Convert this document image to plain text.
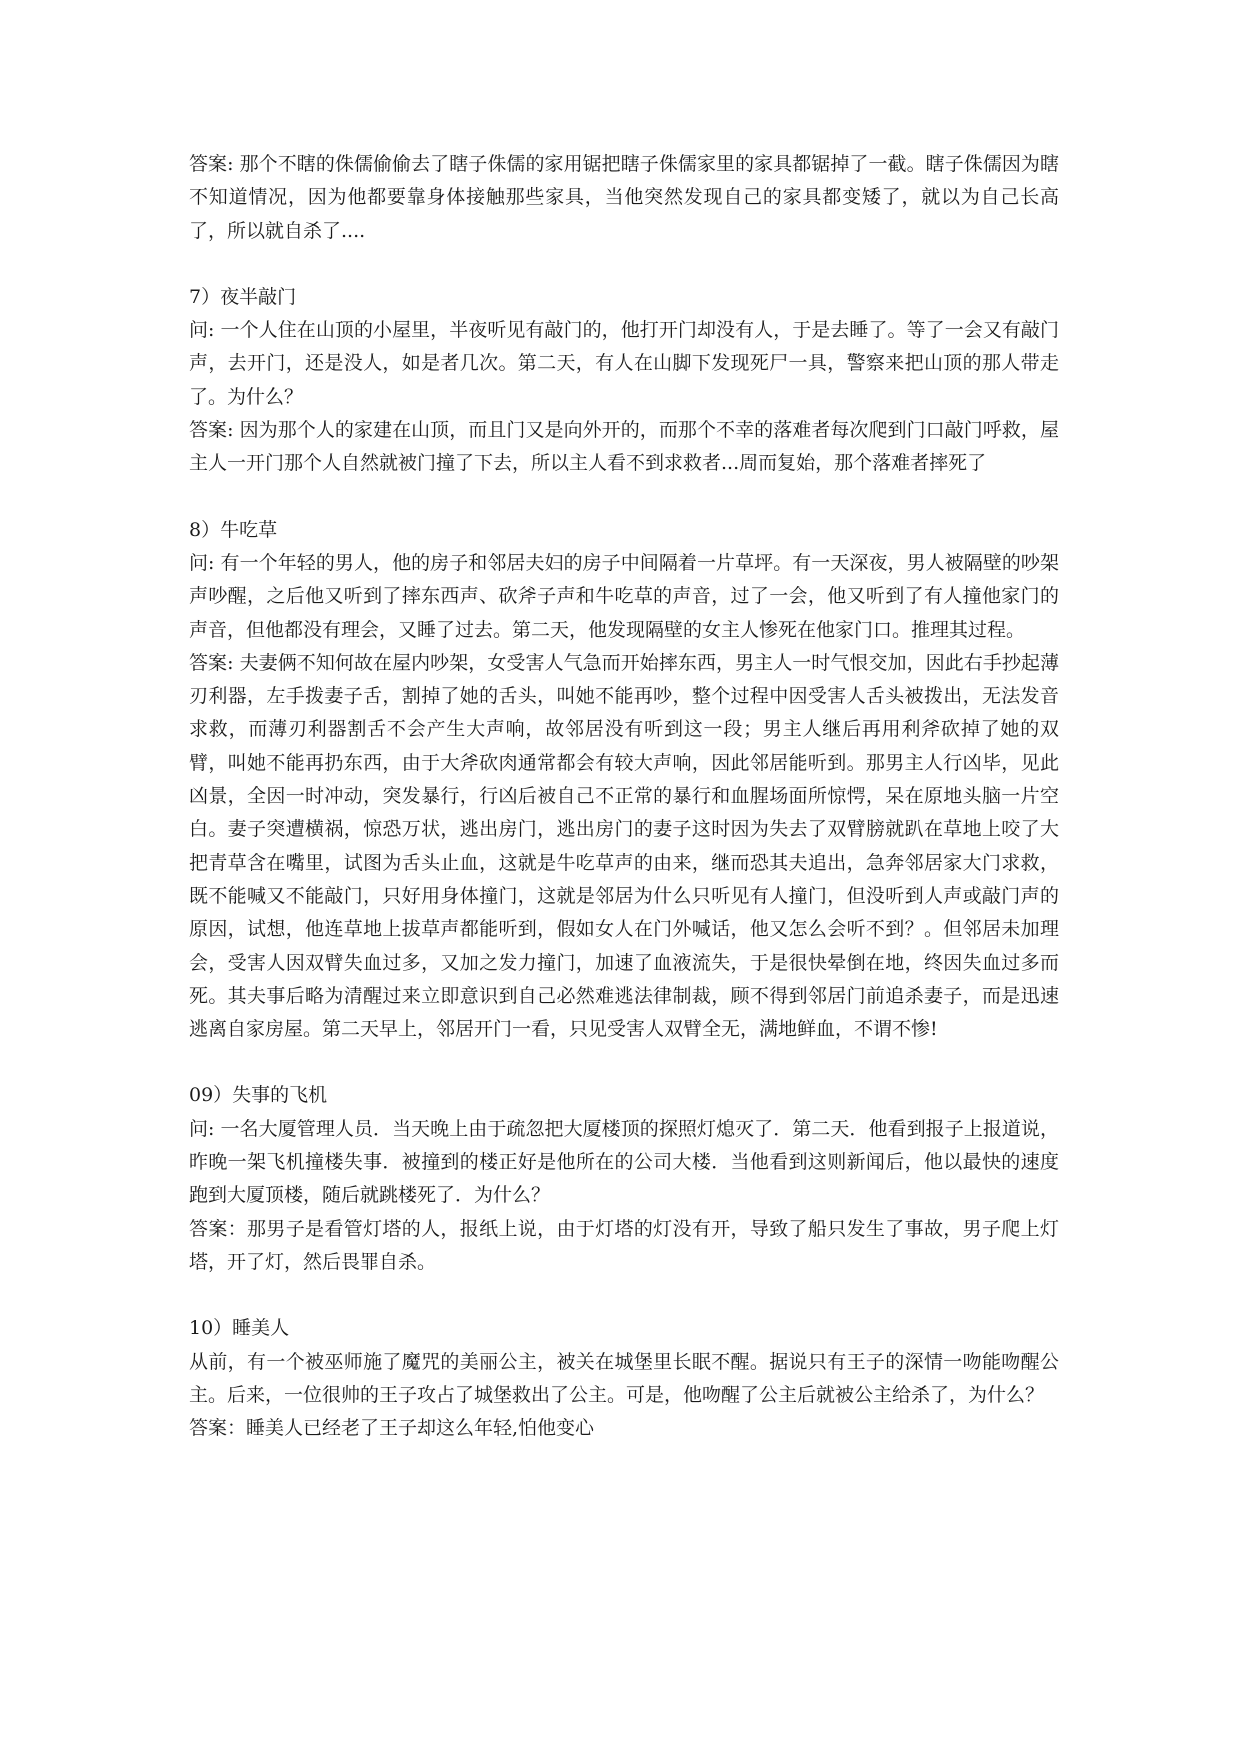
答案: 那个不瞎的侏儒偷偷去了瞎子侏儒的家用锯把瞎子侏儒家里的家具都锯掉了一截。瞎子侏儒因为瞎不知道情况，因为他都要靠身体接触那些家具，当他突然发现自己的家具都变矮了，就以为自己长高了，所以就自杀了....

7）夜半敲门

问: 一个人住在山顶的小屋里，半夜听见有敲门的，他打开门却没有人，于是去睡了。等了一会又有敲门声，去开门，还是没人，如是者几次。第二天，有人在山脚下发现死尸一具，警察来把山顶的那人带走了。为什么？

答案: 因为那个人的家建在山顶，而且门又是向外开的，而那个不幸的落难者每次爬到门口敲门呼救，屋主人一开门那个人自然就被门撞了下去，所以主人看不到求救者...周而复始，那个落难者摔死了

8）牛吃草

问: 有一个年轻的男人，他的房子和邻居夫妇的房子中间隔着一片草坪。有一天深夜，男人被隔壁的吵架声吵醒，之后他又听到了摔东西声、砍斧子声和牛吃草的声音，过了一会，他又听到了有人撞他家门的声音，但他都没有理会，又睡了过去。第二天，他发现隔壁的女主人惨死在他家门口。推理其过程。

答案: 夫妻俩不知何故在屋内吵架，女受害人气急而开始摔东西，男主人一时气恨交加，因此右手抄起薄刃利器，左手拨妻子舌，割掉了她的舌头，叫她不能再吵，整个过程中因受害人舌头被拨出，无法发音求救，而薄刃利器割舌不会产生大声响，故邻居没有听到这一段；男主人继后再用利斧砍掉了她的双臂，叫她不能再扔东西，由于大斧砍肉通常都会有较大声响，因此邻居能听到。那男主人行凶毕，见此凶景，全因一时冲动，突发暴行，行凶后被自己不正常的暴行和血腥场面所惊愕，呆在原地头脑一片空白。妻子突遭横祸，惊恐万状，逃出房门，逃出房门的妻子这时因为失去了双臂膀就趴在草地上咬了大把青草含在嘴里，试图为舌头止血，这就是牛吃草声的由来，继而恐其夫追出，急奔邻居家大门求救，既不能喊又不能敲门，只好用身体撞门，这就是邻居为什么只听见有人撞门，但没听到人声或敲门声的原因，试想，他连草地上拔草声都能听到，假如女人在门外喊话，他又怎么会听不到？。但邻居未加理会，受害人因双臂失血过多，又加之发力撞门，加速了血液流失，于是很快晕倒在地，终因失血过多而死。其夫事后略为清醒过来立即意识到自己必然难逃法律制裁，顾不得到邻居门前追杀妻子，而是迅速逃离自家房屋。第二天早上，邻居开门一看，只见受害人双臂全无，满地鲜血，不谓不惨!

09）失事的飞机

问: 一名大厦管理人员．当天晚上由于疏忽把大厦楼顶的探照灯熄灭了．第二天．他看到报子上报道说，昨晚一架飞机撞楼失事．被撞到的楼正好是他所在的公司大楼．当他看到这则新闻后，他以最快的速度跑到大厦顶楼，随后就跳楼死了．为什么？

答案：那男子是看管灯塔的人，报纸上说，由于灯塔的灯没有开，导致了船只发生了事故，男子爬上灯塔，开了灯，然后畏罪自杀。

10）睡美人

从前，有一个被巫师施了魔咒的美丽公主，被关在城堡里长眠不醒。据说只有王子的深情一吻能吻醒公主。后来，一位很帅的王子攻占了城堡救出了公主。可是，他吻醒了公主后就被公主给杀了，为什么？

答案：睡美人已经老了王子却这么年轻,怕他变心
